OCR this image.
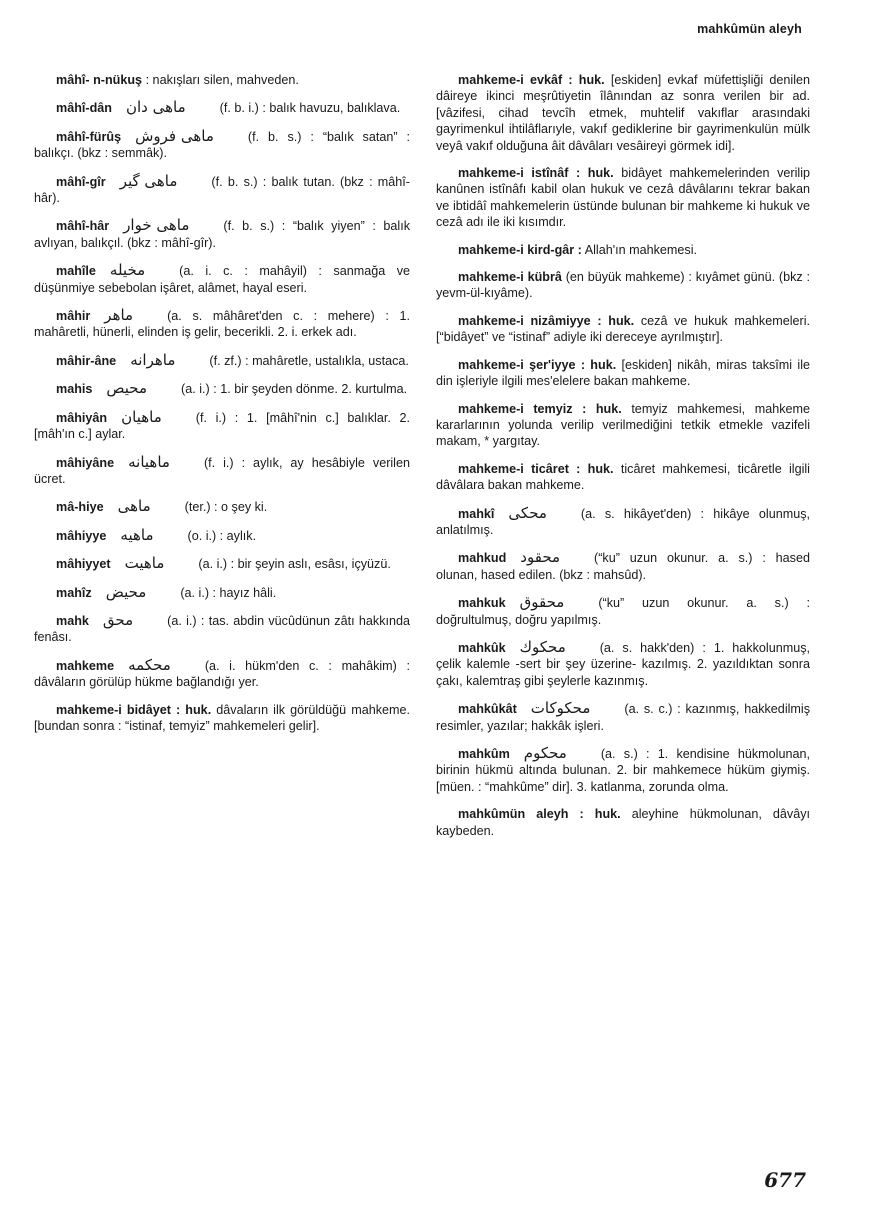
mahkûmün aleyh
mâhî- n-nükuş : nakışları silen, mahveden.
mâhî-dân ماهی دان	(f. b. i.) : balık havuzu, balıklava.
mâhî-fürûş ماهی فروش	(f. b. s.) : “balık satan” : balıkçı. (bkz : semmâk).
mâhî-gîr ماهی گیر	(f. b. s.) : balık tutan. (bkz : mâhî-hâr).
mâhî-hâr ماهی خوار	(f. b. s.) : “balık yiyen” : balık avlıyan, balıkçıl. (bkz : mâhî-gîr).
mahîle مخیله	(a. i. c. : mahâyil) : sanmağa ve düşünmiye sebebolan işâret, alâmet, hayal eseri.
mâhir ماهر	(a. s. mâhâret'den c. : mehere) : 1. mahâretli, hünerli, elinden iş gelir, becerikli. 2. i. erkek adı.
mâhir-âne ماهرانه	(f. zf.) : mahâretle, ustalıkla, ustaca.
mahis محیص	(a. i.) : 1. bir şeyden dönme. 2. kurtulma.
mâhiyân ماهیان	(f. i.) : 1. [mâhî'nin c.] balıklar. 2. [mâh'ın c.] aylar.
mâhiyâne ماهیانه	(f. i.) : aylık, ay hesâbiyle verilen ücret.
mâ-hiye ماهی	(ter.) : o şey ki.
mâhiyye ماهیه	(o. i.) : aylık.
mâhiyyet ماهیت	(a. i.) : bir şeyin aslı, esâsı, içyüzü.
mahîz محیض	(a. i.) : hayız hâli.
mahk محق	(a. i.) : tas. abdin vücûdünun zâtı hakkında fenâsı.
mahkeme محكمه	(a. i. hükm'den c. : mahâkim) : dâvâların görülüp hükme bağlandığı yer.
mahkeme-i bidâyet : huk. dâvaların ilk görüldüğü mahkeme. [bundan sonra : “istinaf, temyiz” mahkemeleri gelir].
mahkeme-i evkâf : huk. [eskiden] evkaf müfettişliği denilen dâireye ikinci meşrûtiyetin îlânından az sonra verilen bir ad. [vâzifesi, cihad tevcîh etmek, muhtelif vakıflar arasındaki gayrimenkul ihtilâflarıyle, vakıf gedikleriпe bir gayrimenkulün mülk veyâ vakıf olduğuna âit dâvâları vesâireyi görmek idi].
mahkeme-i istînâf : huk. bidâyet mahkemelerinden verilip kanûnen istînâfı kabil olan hukuk ve cezâ dâvâlarını tekrar bakan ve ibtidâî mahkemelerin üstünde bulunan bir mahkeme ki hukuk ve cezâ adı ile iki kısımdır.
mahkeme-i kird-gâr : Allah'ın mahkemesi.
mahkeme-i kübrâ (en büyük mahkeme) : kıyâmet günü. (bkz : yevm-ül-kıyâme).
mahkeme-i nizâmiyye : huk. cezâ ve hukuk mahkemeleri. [“bidâyet” ve “istinaf” adiyle iki dereceye ayrılmıştır].
mahkeme-i şer'iyye : huk. [eskiden] nikâh, miras taksîmi ile din işleriyle ilgili mes'elelere bakan mahkeme.
mahkeme-i temyiz : huk. temyiz mahkemesi, mahkeme kararlarının yolunda verilip verilmediğini tetkik etmekle vazifeli makam, * yargıtay.
mahkeme-i ticâret : huk. ticâret mahkemesi, ticâretle ilgili dâvâlara bakan mahkeme.
mahkî محكی	(a. s. hikâyet'den) : hikâye olunmuş, anlatılmış.
mahkud محقود	(“ku” uzun okunur. a. s.) : hased olunan, hased edilen. (bkz : mahsûd).
mahkuk محقوق	(“ku” uzun okunur. a. s.) : doğrultulmuş, doğru yapılmış.
mahkûk محكوك	(a. s. hakk'den) : 1. hakkolunmuş, çelik kalemle -sert bir şey üzerine- kazılmış. 2. yazıldıktan sonra çakı, kalemtraş gibi şeylerle kazınmış.
mahkûkât محكوكات	(a. s. c.) : kazınmış, hakkedilmiş resimler, yazılar; hakkâk işleri.
mahkûm محكوم	(a. s.) : 1. kendisine hükmolunan, birinin hükmü altında bulunan. 2. bir mahkemece hüküm giymiş. [müen. : “mahkûme” dir]. 3. katlanma, zorunda olma.
mahkûmün aleyh : huk. aleyhine hükmolunan, dâvâyı kaybeden.
677
